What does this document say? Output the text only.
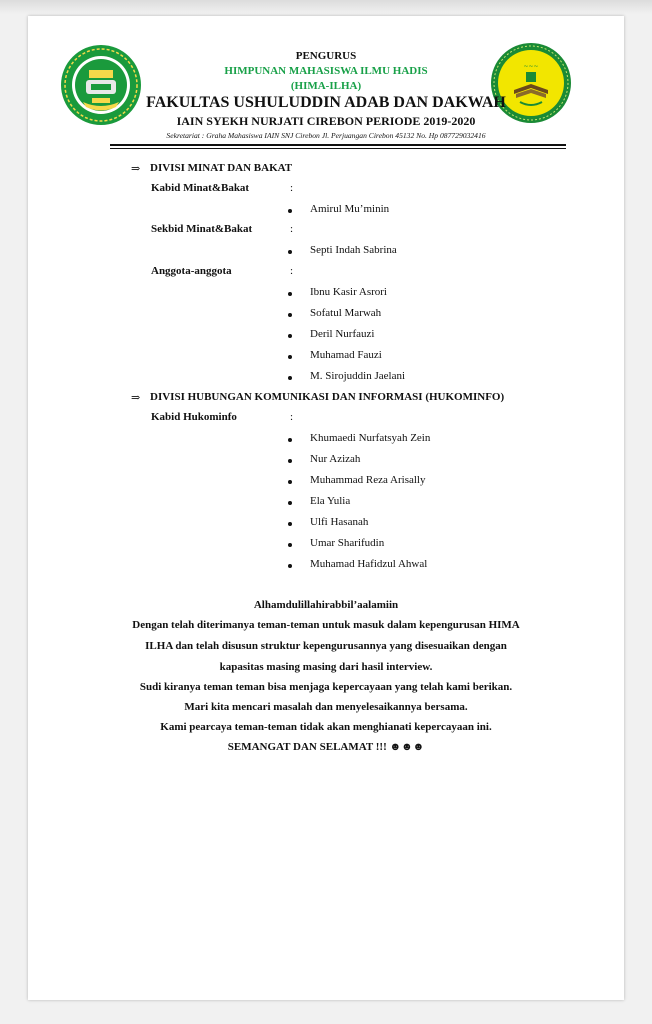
~~~
PENGURUS
HIMPUNAN MAHASISWA ILMU HADIS
(HIMA-ILHA)
FAKULTAS USHULUDDIN ADAB DAN DAKWAH
IAIN SYEKH NURJATI CIREBON PERIODE 2019-2020
Sekretariat : Graha Mahasiswa IAIN SNJ Cirebon Jl. Perjuangan Cirebon 45132 No. Hp 087729032416
⇒ DIVISI MINAT DAN BAKAT
Kabid Minat&Bakat	:
Amirul Mu’minin
Sekbid Minat&Bakat	:
Septi Indah Sabrina
Anggota-anggota	:
Ibnu Kasir Asrori
Sofatul Marwah
Deril Nurfauzi
Muhamad Fauzi
M. Sirojuddin Jaelani
⇒ DIVISI HUBUNGAN KOMUNIKASI DAN INFORMASI (HUKOMINFO)
Kabid Hukominfo	:
Khumaedi Nurfatsyah Zein
Nur Azizah
Muhammad Reza Arisally
Ela Yulia
Ulfi Hasanah
Umar Sharifudin
Muhamad Hafidzul Ahwal
Alhamdulillahirabbil’aalamiin
Dengan telah diterimanya teman-teman untuk masuk dalam kepengurusan HIMA
ILHA dan telah disusun struktur kepengurusannya yang disesuaikan dengan
kapasitas masing masing dari hasil interview.
Sudi kiranya teman teman bisa menjaga kepercayaan yang telah kami berikan.
Mari kita mencari masalah dan menyelesaikannya bersama.
Kami pearcaya teman-teman tidak akan menghianati kepercayaan ini.
SEMANGAT DAN SELAMAT !!! ☻☻☻
